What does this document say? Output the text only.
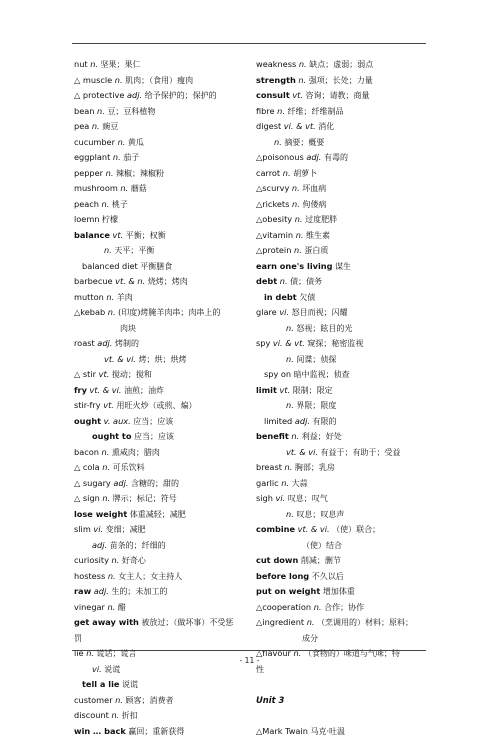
nut n. 坚果；果仁
△ muscle n. 肌肉；（食用）瘦肉
△ protective adj. 给予保护的；保护的
bean n. 豆；豆科植物
pea n. 豌豆
cucumber n. 黄瓜
eggplant n. 茄子
pepper n. 辣椒；辣椒粉
mushroom n. 蘑菇
peach n. 桃子
loemn 柠檬
balance vt. 平衡；权衡
n. 天平；平衡
balanced diet 平衡膳食
barbecue vt. & n. 烧烤；烤肉
mutton n. 羊肉
△kebab n. (印度)烤腌羊肉串；肉串上的
肉块
roast adj. 烤制的
vt. & vi. 烤；烘；烘烤
△ stir vt. 搅动；搅和
fry vt. & vi. 油煎；油炸
stir-fry vt. 用旺火炒（或煎、煸）
ought v. aux. 应当；应该
ought to 应当；应该
bacon n. 熏咸肉；腊肉
△ cola n. 可乐饮料
△ sugary adj. 含糖的；甜的
△ sign n. 牌示；标记；符号
lose weight 体重减轻；减肥
slim vi. 变细；减肥
adj. 苗条的；纤细的
curiosity n. 好奇心
hostess n. 女主人；女主持人
raw adj. 生的；未加工的
vinegar n. 醋
get away with 被放过；（做坏事）不受惩
罚
lie n. 谎话；谎言
vi. 说谎
tell a lie 说谎
customer n. 顾客；消费者
discount n. 折扣
win … back 赢回；重新获得
weakness n. 缺点；虚弱；弱点
strength n. 强项；长处；力量
consult vt. 咨询；请教；商量
fibre n. 纤维；纤维制品
digest vi. & vt. 消化
n. 摘要；概要
△poisonous adj. 有毒的
carrot n. 胡萝卜
△scurvy n. 坏血病
△rickets n. 佝偻病
△obesity n. 过度肥胖
△vitamin n. 维生素
△protein n. 蛋白质
earn one's living 谋生
debt n. 债；债务
in debt 欠债
glare vi. 怒目而视；闪耀
n. 怒视；眩目的光
spy vi. & vt. 窥探；秘密监视
n. 间谍；侦探
spy on 暗中监视；侦查
limit vt. 限制；限定
n. 界限；限度
limited adj. 有限的
benefit n. 利益；好处
vt. & vi. 有益于；有助于；受益
breast n. 胸部；乳房
garlic n. 大蒜
sigh vi. 叹息；叹气
n. 叹息；叹息声
combine vt. & vi. （使）联合；
（使）结合
cut down 削减；删节
before long 不久以后
put on weight 增加体重
△cooperation n. 合作；协作
△ingredient n. （烹调用的）材料；原料；
成分
△flavour n. （食物的）味道与气味；特
性
Unit 3
△Mark Twain 马克·吐温
- 11 -
